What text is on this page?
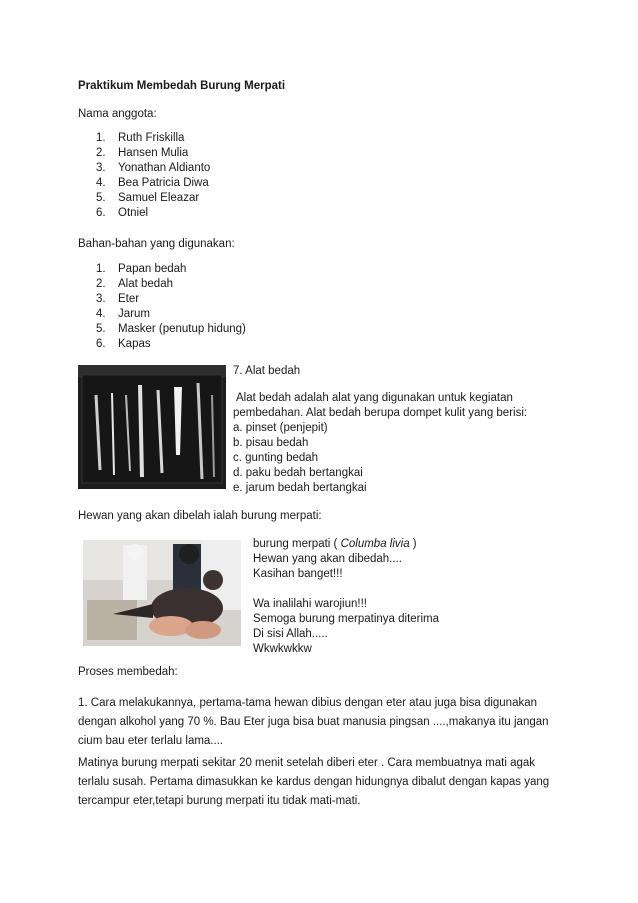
Praktikum Membedah Burung Merpati
Nama anggota:
1. Ruth Friskilla
2. Hansen Mulia
3. Yonathan Aldianto
4. Bea Patricia Diwa
5. Samuel Eleazar
6. Otniel
Bahan-bahan yang digunakan:
1. Papan bedah
2. Alat bedah
3. Eter
4. Jarum
5. Masker (penutup hidung)
6. Kapas
7. Alat bedah
Alat bedah adalah alat yang digunakan untuk kegiatan
pembedahan. Alat bedah berupa dompet kulit yang berisi:
a. pinset (penjepit)
b. pisau bedah
c. gunting bedah
d. paku bedah bertangkai
e. jarum bedah bertangkai
Hewan yang akan dibelah ialah burung merpati:
burung merpati ( Columba livia )
Hewan yang akan dibedah....
Kasihan banget!!!
Wa inalilahi warojiun!!!
Semoga burung merpatinya diterima
Di sisi Allah.....
Wkwkwkkw
Proses membedah:
1. Cara melakukannya, pertama-tama hewan dibius dengan eter atau juga bisa digunakan dengan alkohol yang 70 %. Bau Eter juga bisa buat manusia pingsan ....,makanya itu jangan cium bau eter terlalu lama....
Matinya burung merpati sekitar 20 menit setelah diberi eter . Cara membuatnya mati agak terlalu susah. Pertama dimasukkan ke kardus dengan hidungnya dibalut dengan kapas yang tercampur eter,tetapi burung merpati itu tidak mati-mati.
